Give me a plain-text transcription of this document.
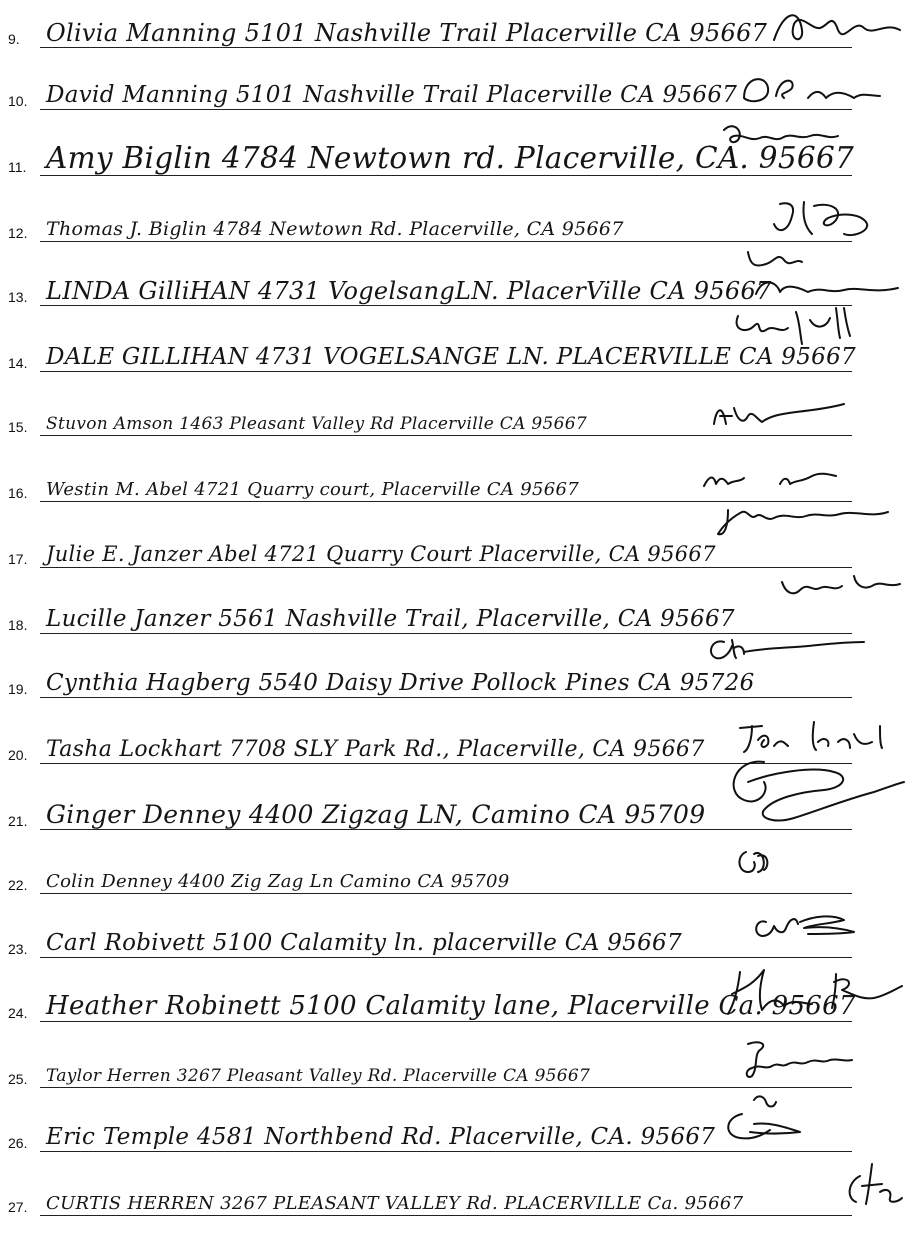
9. Olivia Manning 5101 Nashville Trail Placerville CA 95667
10. David Manning 5101 Nashville Trail Placerville CA 95667
11. Amy Biglin 4784 Newtown rd. Placerville, CA. 95667
12. Thomas J. Biglin 4784 Newtown Rd. Placerville, CA 95667
13. LINDA GilliHAN 4731 VogelsangLN. PlacerVille CA 95667
14. DALE GILLIHAN 4731 VOGELSANGE LN. PLACERVILLE CA 95667
15. Stuvon Amson 1463 Pleasant Valley Rd Placerville CA 95667
16. Westin M. Abel 4721 Quarry court, Placerville CA 95667
17. Julie E. Janzer Abel 4721 Quarry Court Placerville, CA 95667
18. Lucille Janzer 5561 Nashville Trail, Placerville, CA 95667
19. Cynthia Hagberg 5540 Daisy Drive Pollock Pines CA 95726
20. Tasha Lockhart 7708 SLY Park Rd., Placerville, CA 95667
21. Ginger Denney 4400 Zigzag LN, Camino CA 95709
22. Colin Denney 4400 Zig Zag Ln Camino CA 95709
23. Carl Robivett 5100 Calamity ln. placerville CA 95667
24. Heather Robinett 5100 Calamity lane, Placerville Ca. 95667
25. Taylor Herren 3267 Pleasant Valley Rd. Placerville CA 95667
26. Eric Temple 4581 Northbend Rd. Placerville, CA. 95667
27. CURTIS HERREN 3267 PLEASANT VALLEY Rd. PLACERVILLE Ca. 95667
